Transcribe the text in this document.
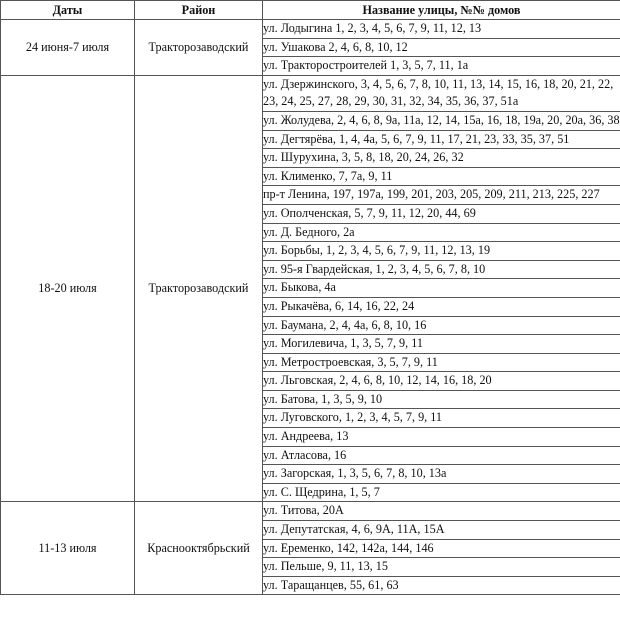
Даты	Район	Название улицы, №№ домов
24 июня-7 июля	Тракторозаводский	ул. Лодыгина 1, 2, 3, 4, 5, 6, 7, 9, 11, 12, 13
		ул. Ушакова 2, 4, 6, 8, 10, 12
		ул. Тракторостроителей 1, 3, 5, 7, 11, 1а
18-20 июля	Тракторозаводский	ул. Дзержинского, 3, 4, 5, 6, 7, 8, 10, 11, 13, 14, 15, 16, 18, 20, 21, 22, 23, 24, 25, 27, 28, 29, 30, 31, 32, 34, 35, 36, 37, 51а
		ул. Жолудева, 2, 4, 6, 8, 9а, 11а, 12, 14, 15а, 16, 18, 19а, 20, 20а, 36, 38
		ул. Дегтярёва, 1, 4, 4а, 5, 6, 7, 9, 11, 17, 21, 23, 33, 35, 37, 51
		ул. Шурухина, 3, 5, 8, 18, 20, 24, 26, 32
		ул. Клименко, 7, 7а, 9, 11
		пр-т Ленина, 197, 197а, 199, 201, 203, 205, 209, 211, 213, 225, 227
		ул. Ополченская, 5, 7, 9, 11, 12, 20, 44, 69
		ул. Д. Бедного, 2а
		ул. Борьбы, 1, 2, 3, 4, 5, 6, 7, 9, 11, 12, 13, 19
		ул. 95-я Гвардейская, 1, 2, 3, 4, 5, 6, 7, 8, 10
		ул. Быкова, 4а
		ул. Рыкачёва, 6, 14, 16, 22, 24
		ул. Баумана, 2, 4, 4а, 6, 8, 10, 16
		ул. Могилевича, 1, 3, 5, 7, 9, 11
		ул. Метростроевская, 3, 5, 7, 9, 11
		ул. Льговская, 2, 4, 6, 8, 10, 12, 14, 16, 18, 20
		ул. Батова, 1, 3, 5, 9, 10
		ул. Луговского, 1, 2, 3, 4, 5, 7, 9, 11
		ул. Андреева, 13
		ул. Атласова, 16
		ул. Загорская, 1, 3, 5, 6, 7, 8, 10, 13а
		ул. С. Щедрина, 1, 5, 7
11-13 июля	Краснооктябрьский	ул. Титова, 20А
		ул. Депутатская, 4, 6, 9А, 11А, 15А
		ул. Еременко, 142, 142а, 144, 146
		ул. Пельше, 9, 11, 13, 15
		ул. Таращанцев, 55, 61, 63
